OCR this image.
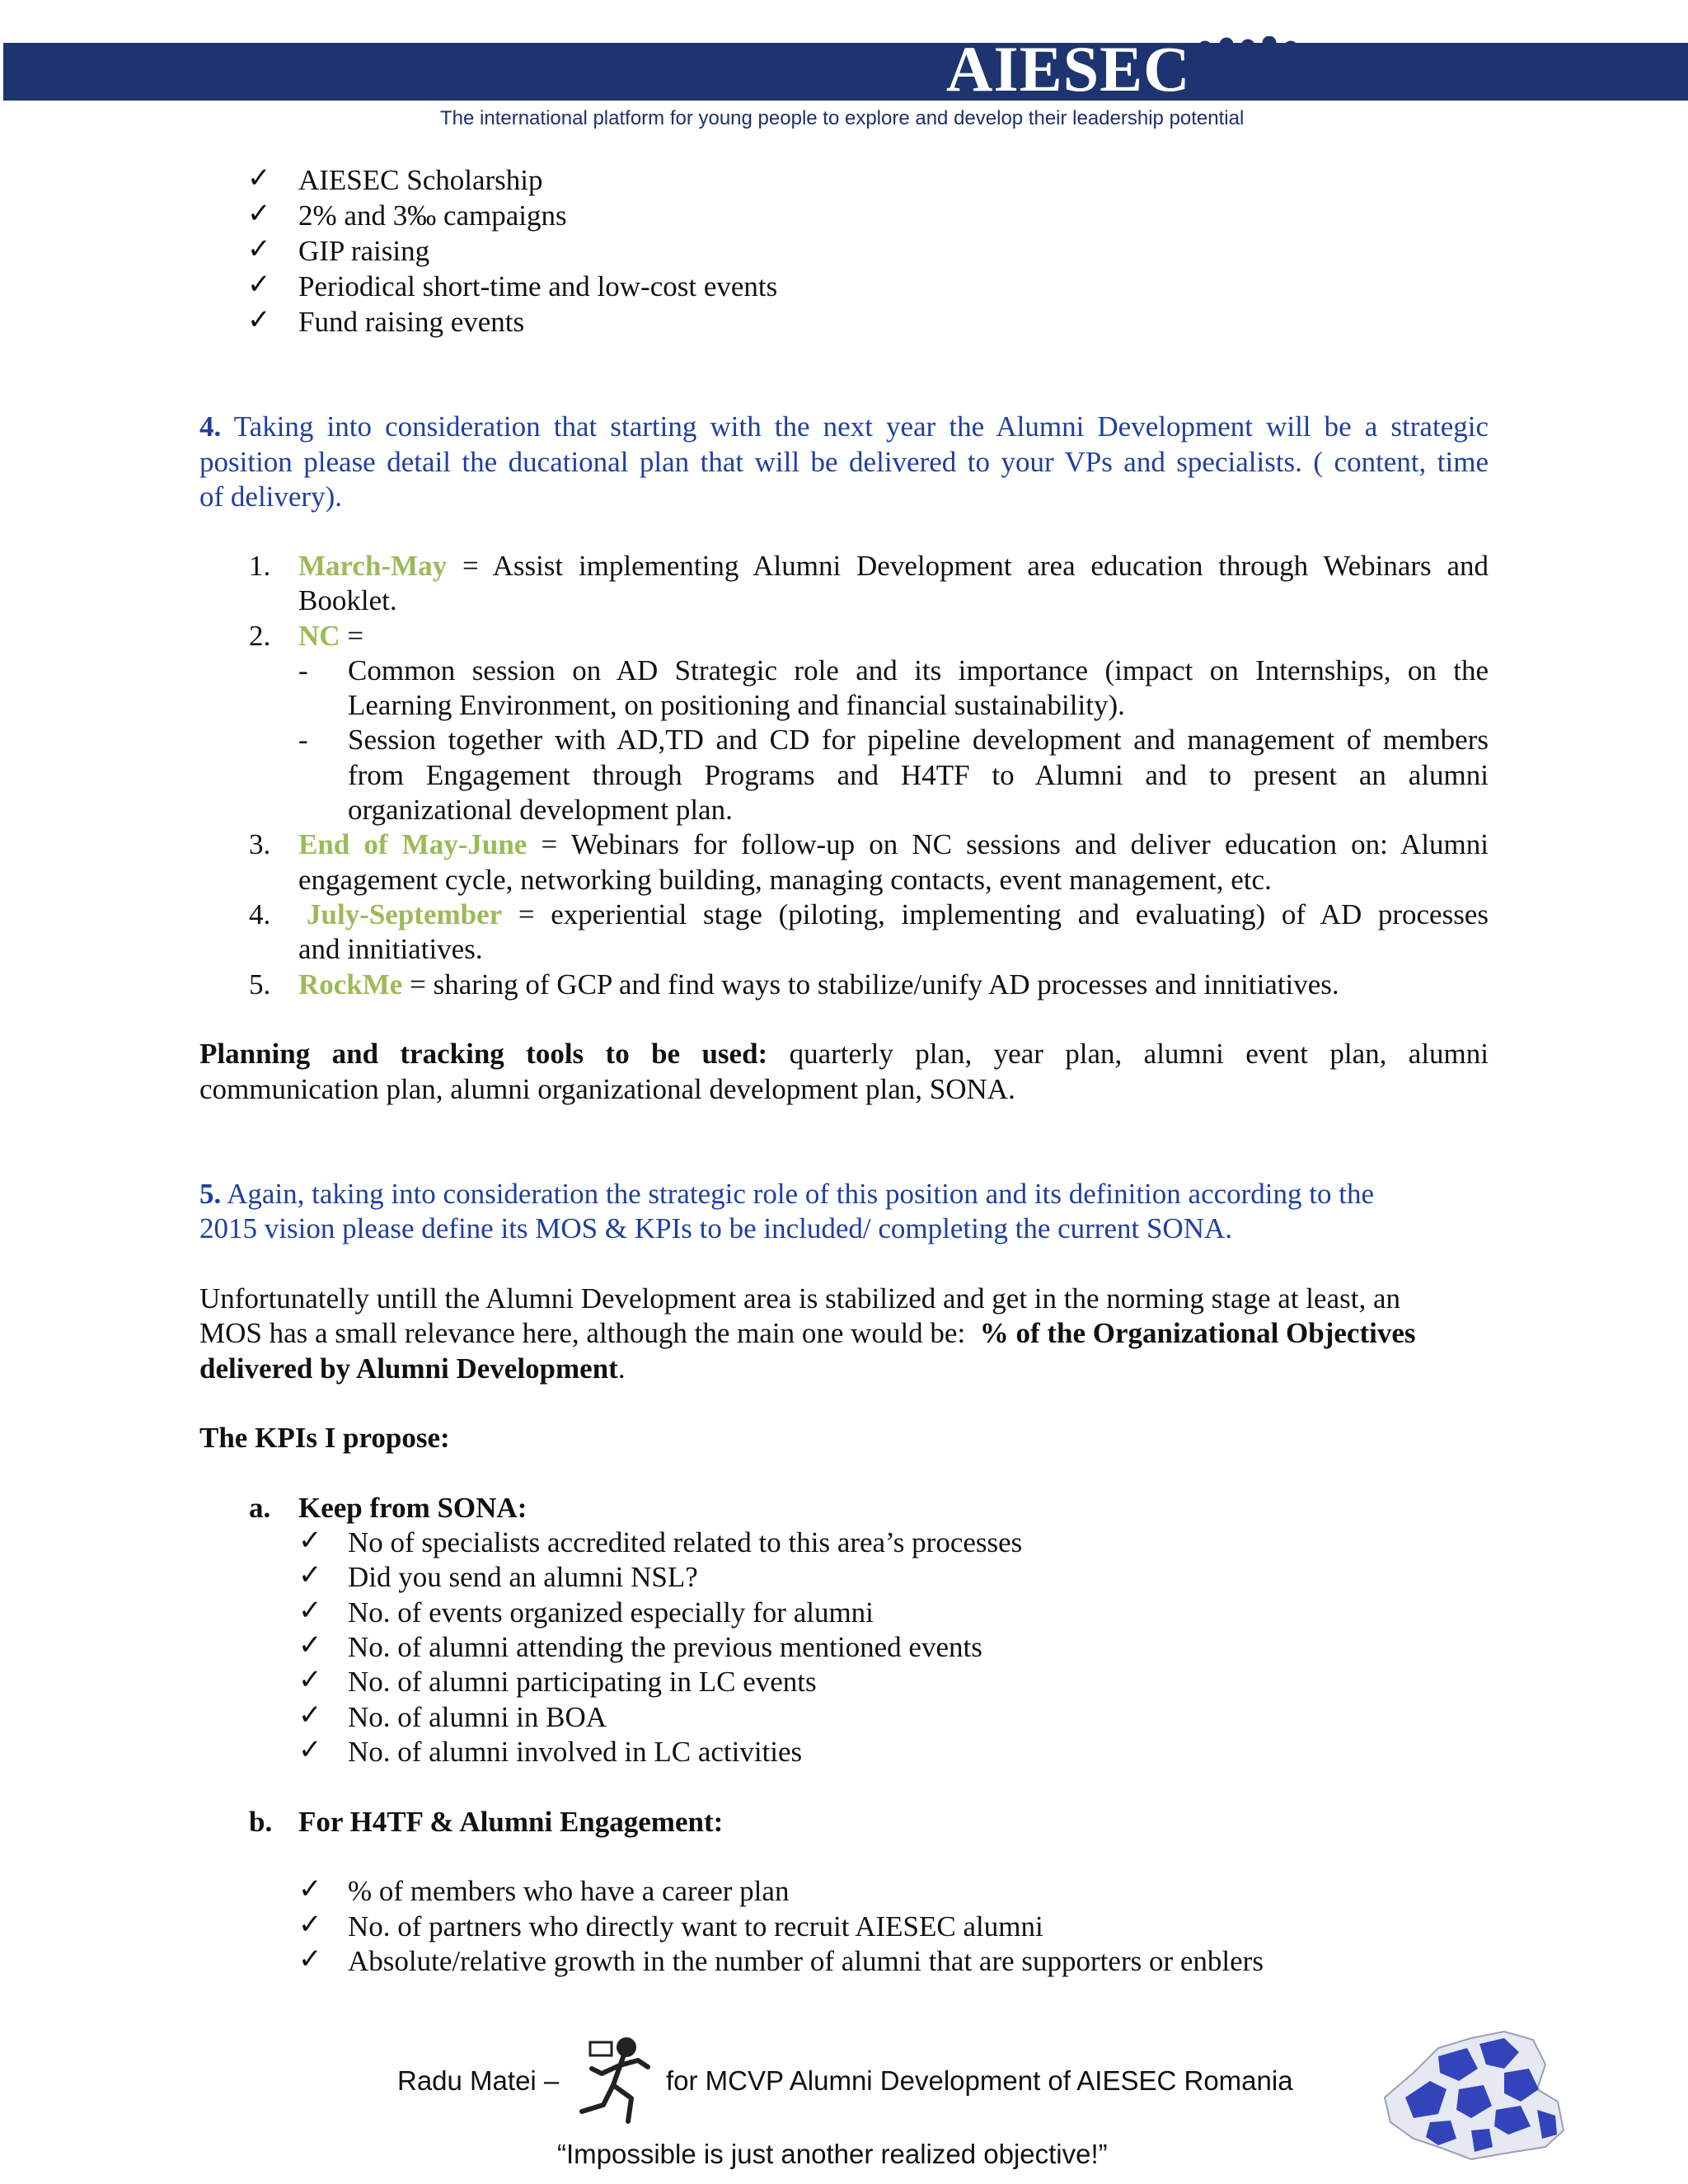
AIESEC
The international platform for young people to explore and develop their leadership potential
✓ AIESEC Scholarship
✓ 2% and 3‰ campaigns
✓ GIP raising
✓ Periodical short-time and low-cost events
✓ Fund raising events
4. Taking into consideration that starting with the next year the Alumni Development will be a strategic
position please detail the ducational plan that will be delivered to your VPs and specialists. ( content, time
of delivery).
1. March-May = Assist implementing Alumni Development area education through Webinars and
Booklet.
2. NC =
- Common session on AD Strategic role and its importance (impact on Internships, on the
Learning Environment, on positioning and financial sustainability).
- Session together with AD,TD and CD for pipeline development and management of members
from Engagement through Programs and H4TF to Alumni and to present an alumni
organizational development plan.
3. End of May-June = Webinars for follow-up on NC sessions and deliver education on: Alumni
engagement cycle, networking building, managing contacts, event management, etc.
4. July-September = experiential stage (piloting, implementing and evaluating) of AD processes
and innitiatives.
5. RockMe = sharing of GCP and find ways to stabilize/unify AD processes and innitiatives.
Planning and tracking tools to be used: quarterly plan, year plan, alumni event plan, alumni
communication plan, alumni organizational development plan, SONA.
5. Again, taking into consideration the strategic role of this position and its definition according to the
2015 vision please define its MOS & KPIs to be included/ completing the current SONA.
Unfortunatelly untill the Alumni Development area is stabilized and get in the norming stage at least, an
MOS has a small relevance here, although the main one would be: % of the Organizational Objectives
delivered by Alumni Development.
The KPIs I propose:
a. Keep from SONA:
✓ No of specialists accredited related to this area’s processes
✓ Did you send an alumni NSL?
✓ No. of events organized especially for alumni
✓ No. of alumni attending the previous mentioned events
✓ No. of alumni participating in LC events
✓ No. of alumni in BOA
✓ No. of alumni involved in LC activities
b. For H4TF & Alumni Engagement:
✓ % of members who have a career plan
✓ No. of partners who directly want to recruit AIESEC alumni
✓ Absolute/relative growth in the number of alumni that are supporters or enblers
Radu Matei –	for MCVP Alumni Development of AIESEC Romania
“Impossible is just another realized objective!”
